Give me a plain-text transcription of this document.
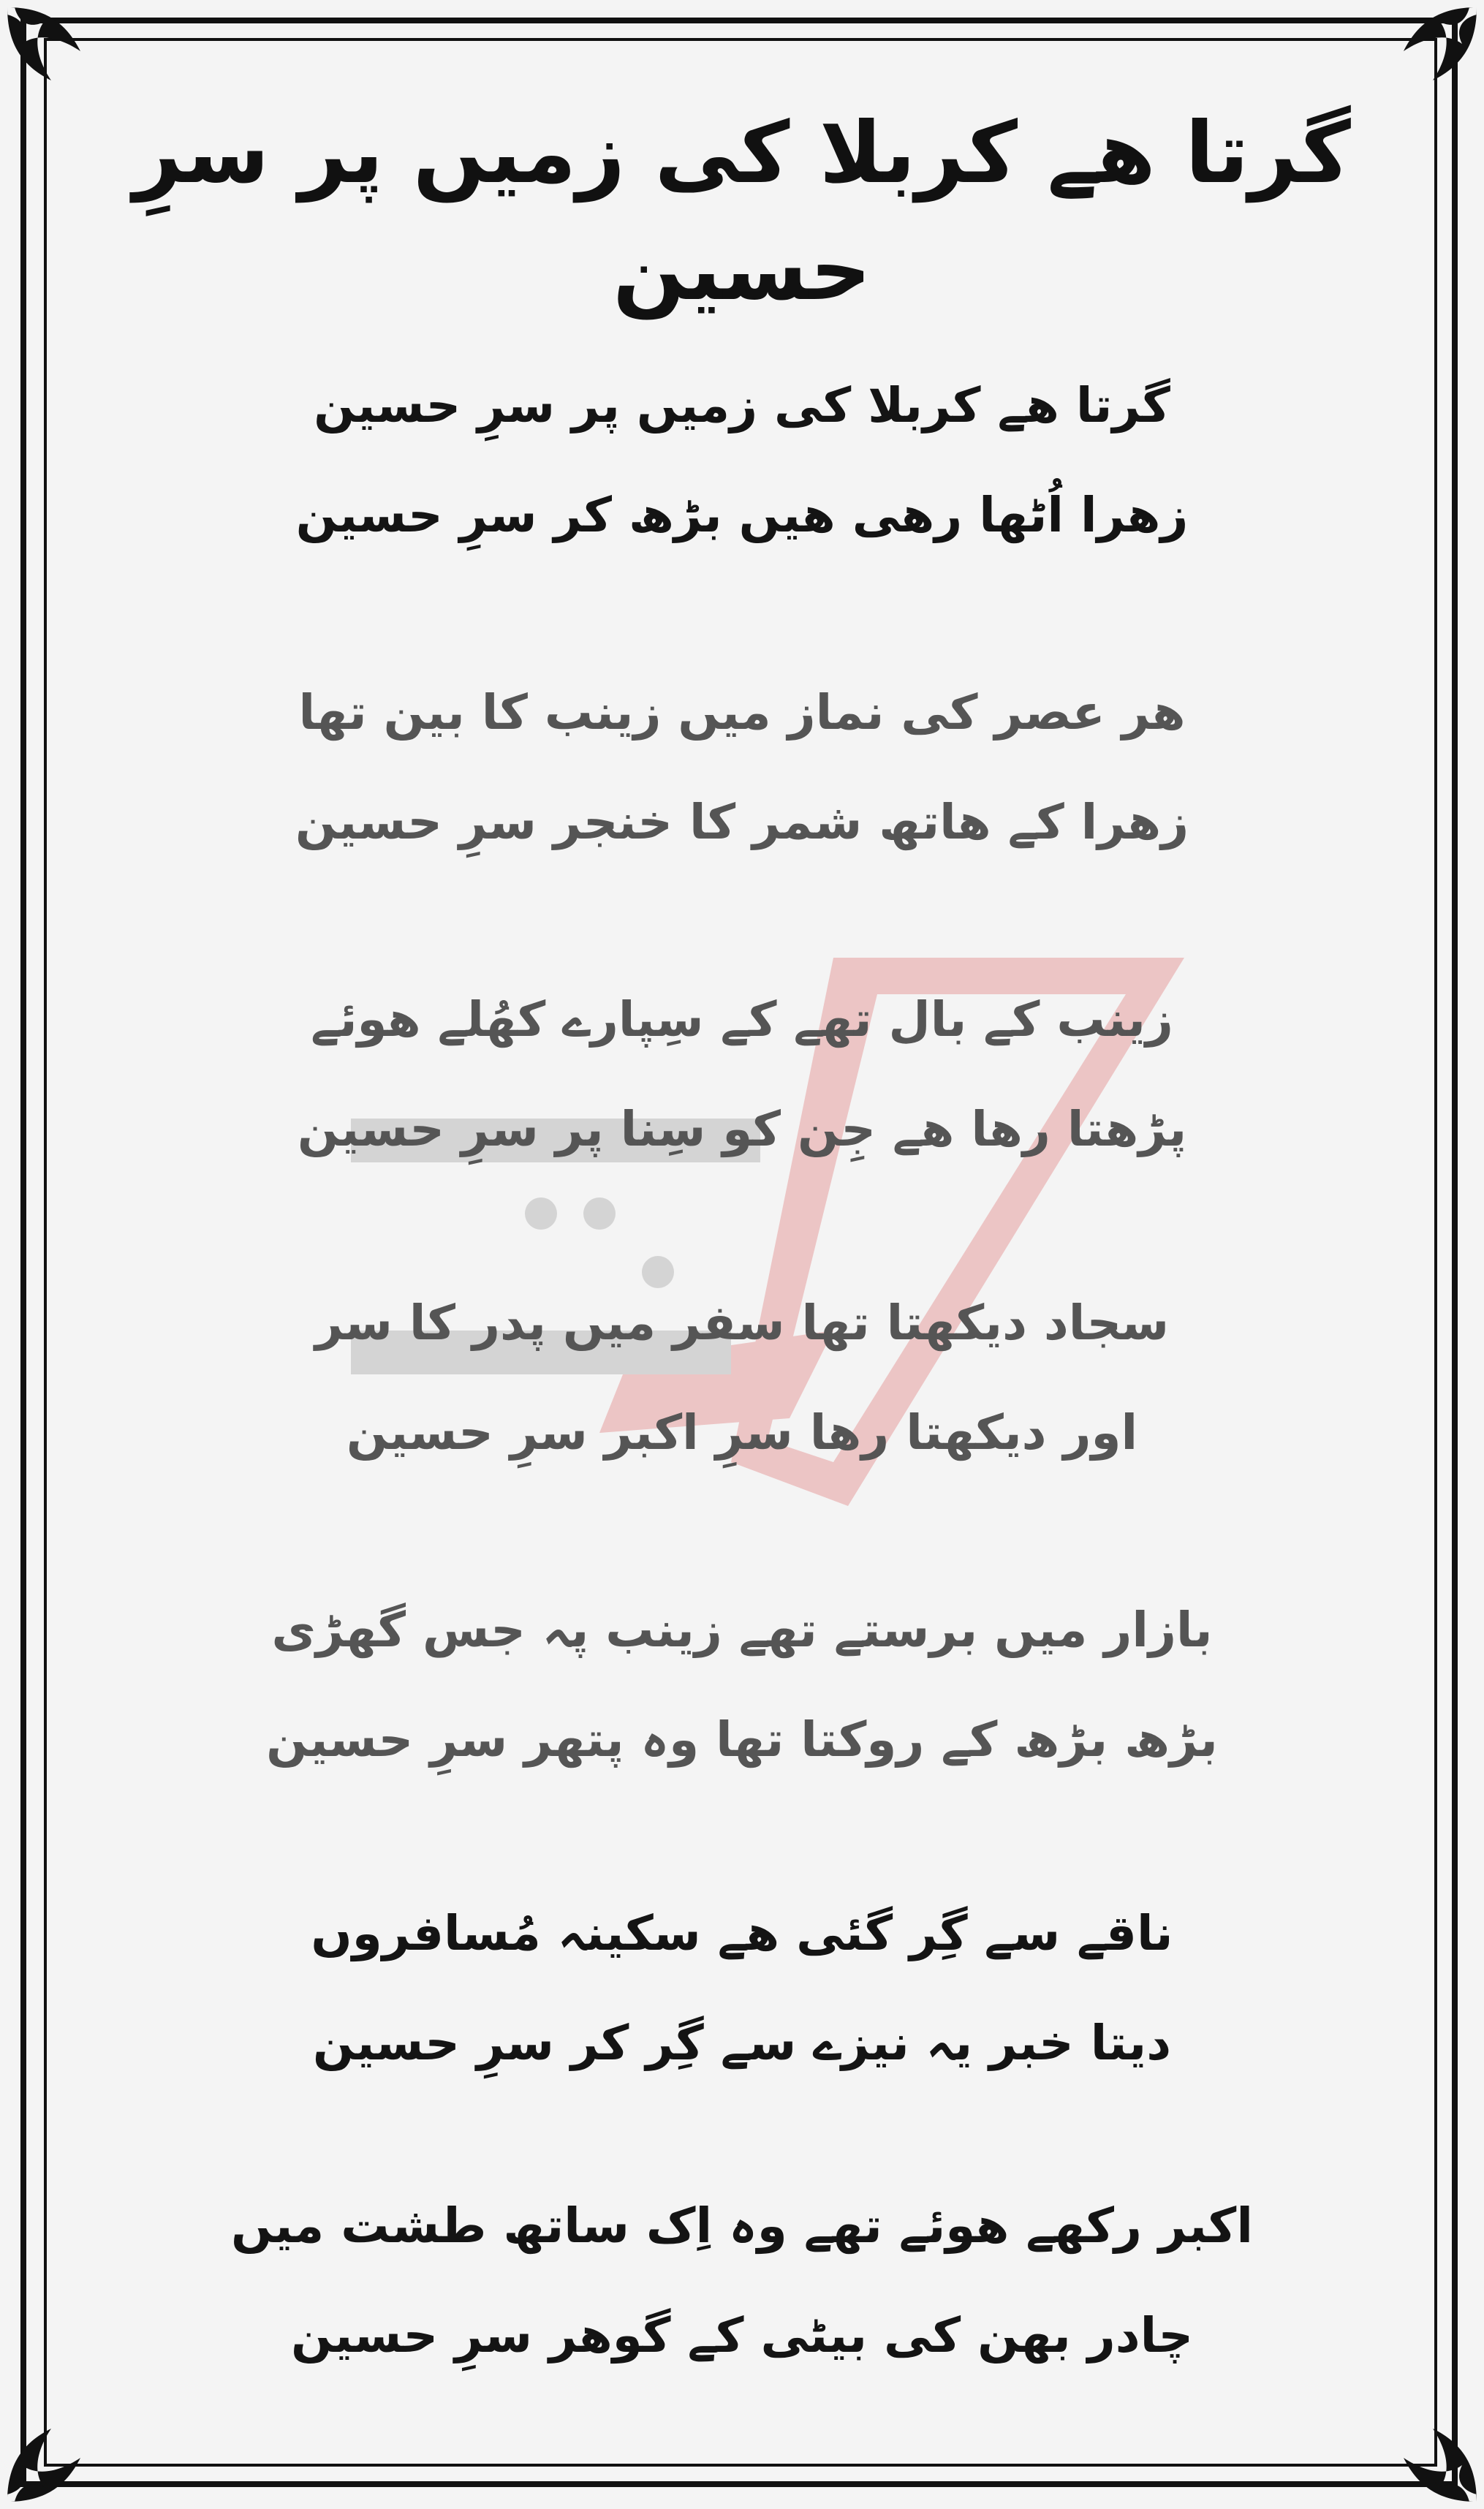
گرتا ھے کربلا کی زمیں پر سرِ حسین
گرتا ھے کربلا کی زمیں پر سرِ حسین
زھرا اُٹھا رھی ھیں بڑھ کر سرِ حسین
ھر عصر کی نماز میں زینب کا بین تھا
زھرا کے ھاتھ شمر کا خنجر سرِ حسین
زینب کے بال تھے کے سِپارے کھُلے ھوئے
پڑھتا رھا ھے جِن کو سِنا پر سرِ حسین
سجاد دیکھتا تھا سفر میں پدر کا سر
اور دیکھتا رھا سرِ اکبر سرِ حسین
بازار میں برستے تھے زینب پہ جس گھڑی
بڑھ بڑھ کے روکتا تھا وہ پتھر سرِ حسین
ناقے سے گِر گئی ھے سکینہ مُسافروں
دیتا خبر یہ نیزے سے گِر کر سرِ حسین
اکبر رکھے ھوئے تھے وہ اِک ساتھ طشت میں
چادر بھن کی بیٹی کے گوھر سرِ حسین
